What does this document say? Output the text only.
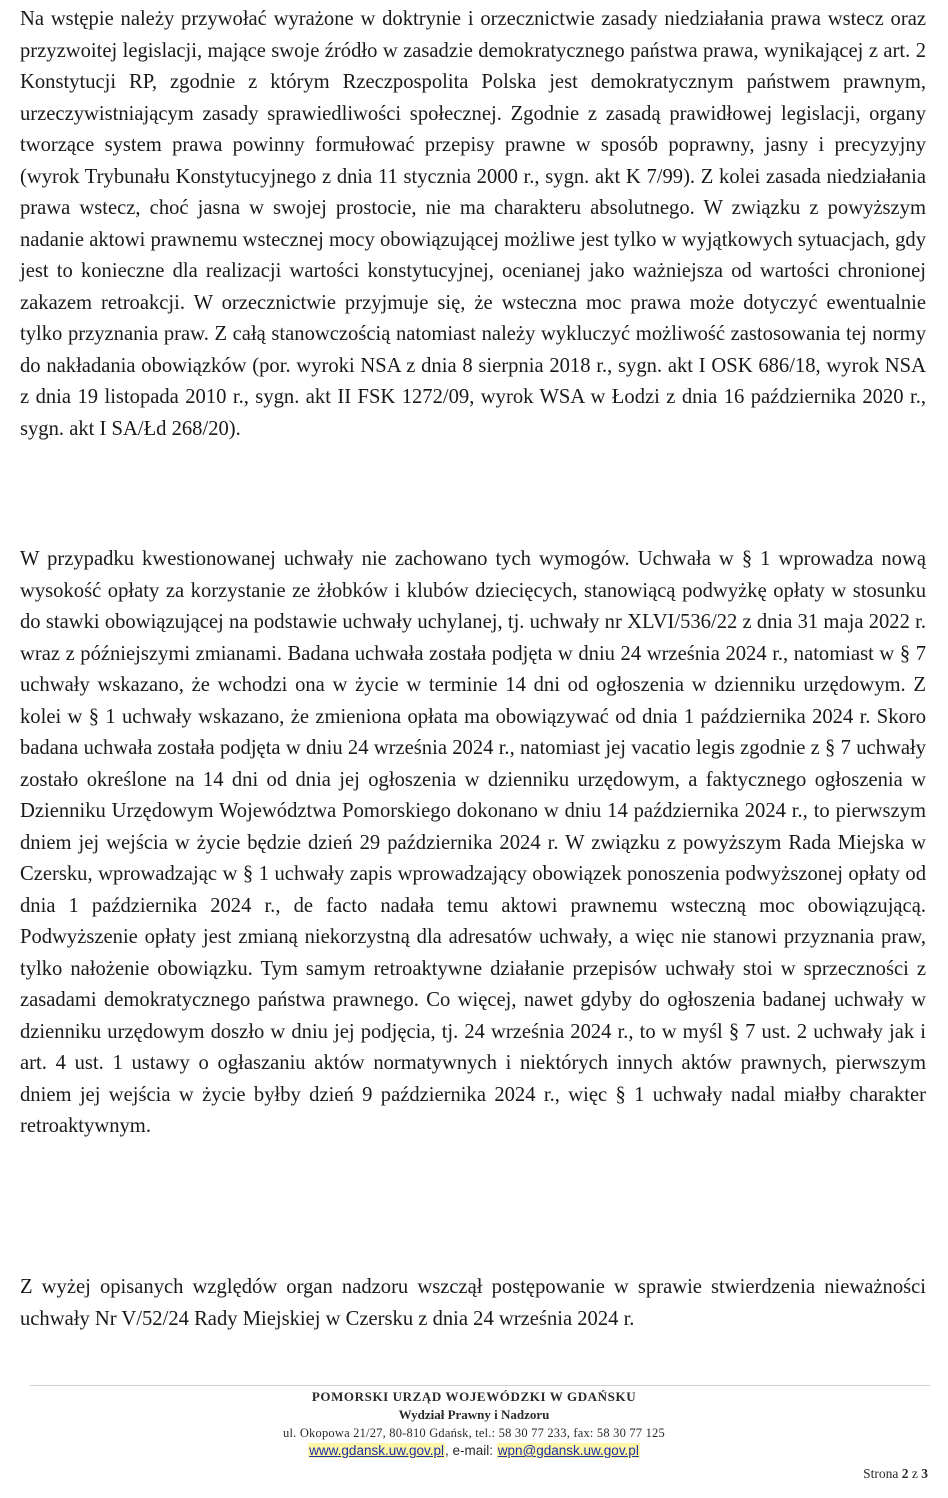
Na wstępie należy przywołać wyrażone w doktrynie i orzecznictwie zasady niedziałania prawa wstecz oraz przyzwoitej legislacji, mające swoje źródło w zasadzie demokratycznego państwa prawa, wynikającej z art. 2 Konstytucji RP, zgodnie z którym Rzeczpospolita Polska jest demokratycznym państwem prawnym, urzeczywistniającym zasady sprawiedliwości społecznej. Zgodnie z zasadą prawidłowej legislacji, organy tworzące system prawa powinny formułować przepisy prawne w sposób poprawny, jasny i precyzyjny (wyrok Trybunału Konstytucyjnego z dnia 11 stycznia 2000 r., sygn. akt K 7/99). Z kolei zasada niedziałania prawa wstecz, choć jasna w swojej prostocie, nie ma charakteru absolutnego. W związku z powyższym nadanie aktowi prawnemu wstecznej mocy obowiązującej możliwe jest tylko w wyjątkowych sytuacjach, gdy jest to konieczne dla realizacji wartości konstytucyjnej, ocenianej jako ważniejsza od wartości chronionej zakazem retroakcji. W orzecznictwie przyjmuje się, że wsteczna moc prawa może dotyczyć ewentualnie tylko przyznania praw. Z całą stanowczością natomiast należy wykluczyć możliwość zastosowania tej normy do nakładania obowiązków (por. wyroki NSA z dnia 8 sierpnia 2018 r., sygn. akt I OSK 686/18, wyrok NSA z dnia 19 listopada 2010 r., sygn. akt II FSK 1272/09, wyrok WSA w Łodzi z dnia 16 października 2020 r., sygn. akt I SA/Łd 268/20).

W przypadku kwestionowanej uchwały nie zachowano tych wymogów. Uchwała w § 1 wprowadza nową wysokość opłaty za korzystanie ze żłobków i klubów dziecięcych, stanowiącą podwyżkę opłaty w stosunku do stawki obowiązującej na podstawie uchwały uchylanej, tj. uchwały nr XLVI/536/22 z dnia 31 maja 2022 r. wraz z późniejszymi zmianami. Badana uchwała została podjęta w dniu 24 września 2024 r., natomiast w § 7 uchwały wskazano, że wchodzi ona w życie w terminie 14 dni od ogłoszenia w dzienniku urzędowym. Z kolei w § 1 uchwały wskazano, że zmieniona opłata ma obowiązywać od dnia 1 października 2024 r. Skoro badana uchwała została podjęta w dniu 24 września 2024 r., natomiast jej vacatio legis zgodnie z § 7 uchwały zostało określone na 14 dni od dnia jej ogłoszenia w dzienniku urzędowym, a faktycznego ogłoszenia w Dzienniku Urzędowym Województwa Pomorskiego dokonano w dniu 14 października 2024 r., to pierwszym dniem jej wejścia w życie będzie dzień 29 października 2024 r. W związku z powyższym Rada Miejska w Czersku, wprowadzając w § 1 uchwały zapis wprowadzający obowiązek ponoszenia podwyższonej opłaty od dnia 1 października 2024 r., de facto nadała temu aktowi prawnemu wsteczną moc obowiązującą. Podwyższenie opłaty jest zmianą niekorzystną dla adresatów uchwały, a więc nie stanowi przyznania praw, tylko nałożenie obowiązku. Tym samym retroaktywne działanie przepisów uchwały stoi w sprzeczności z zasadami demokratycznego państwa prawnego. Co więcej, nawet gdyby do ogłoszenia badanej uchwały w dzienniku urzędowym doszło w dniu jej podjęcia, tj. 24 września 2024 r., to w myśl § 7 ust. 2 uchwały jak i art. 4 ust. 1 ustawy o ogłaszaniu aktów normatywnych i niektórych innych aktów prawnych, pierwszym dniem jej wejścia w życie byłby dzień 9 października 2024 r., więc § 1 uchwały nadal miałby charakter retroaktywnym.

Z wyżej opisanych względów organ nadzoru wszczął postępowanie w sprawie stwierdzenia nieważności uchwały Nr V/52/24 Rady Miejskiej w Czersku z dnia 24 września 2024 r.

POMORSKI URZĄD WOJEWÓDZKI W GDAŃSKU
Wydział Prawny i Nadzoru
ul. Okopowa 21/27, 80-810 Gdańsk, tel.: 58 30 77 233, fax: 58 30 77 125
www.gdansk.uw.gov.pl, e-mail: wpn@gdansk.uw.gov.pl
Strona 2 z 3
